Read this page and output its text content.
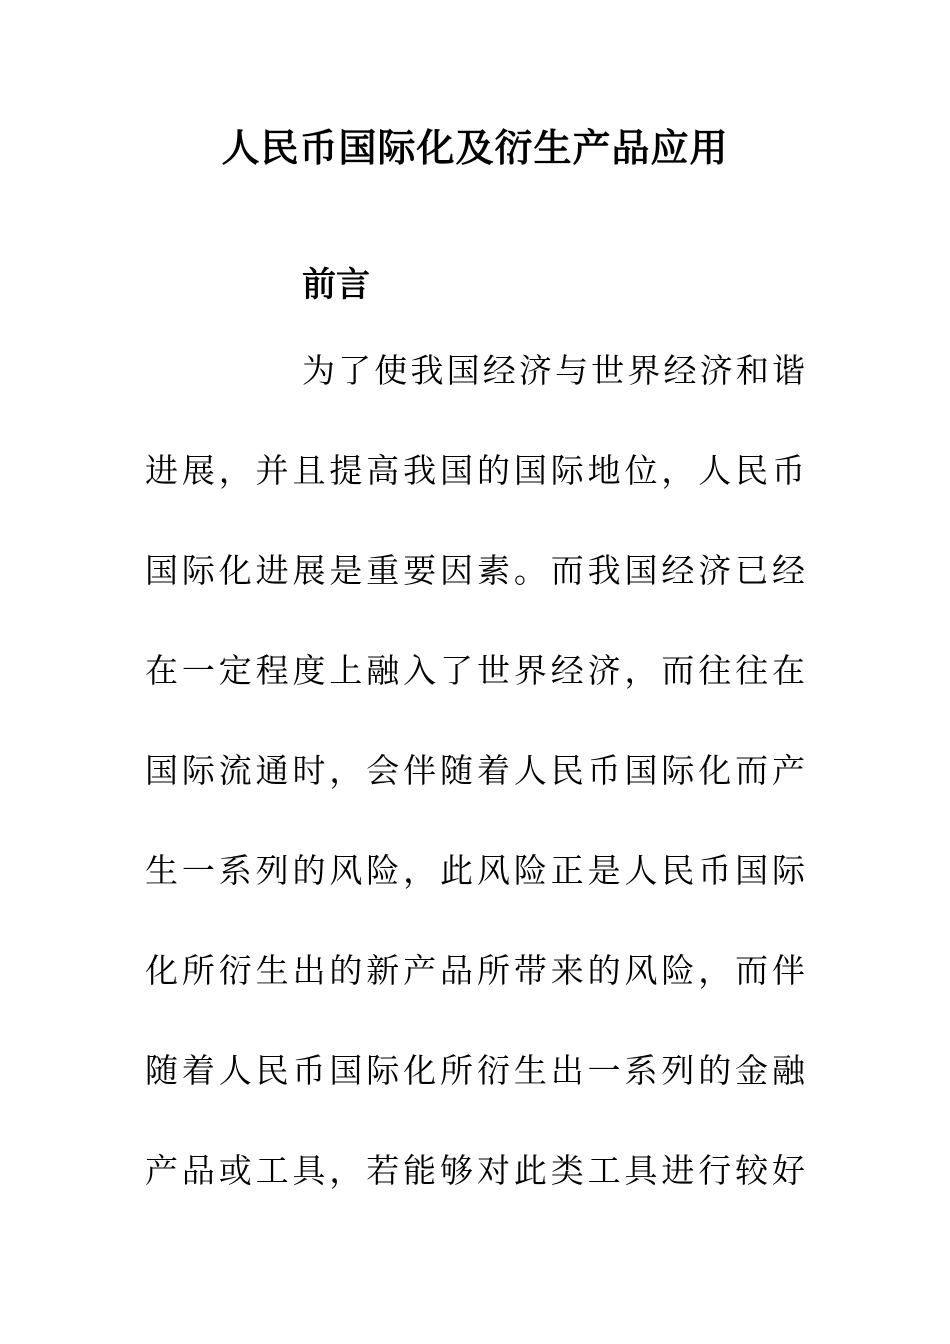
人民币国际化及衍生产品应用
前言

为了使我国经济与世界经济和谐

进展，并且提高我国的国际地位，人民币

国际化进展是重要因素。而我国经济已经

在一定程度上融入了世界经济，而往往在

国际流通时，会伴随着人民币国际化而产

生一系列的风险，此风险正是人民币国际

化所衍生出的新产品所带来的风险，而伴

随着人民币国际化所衍生出一系列的金融

产品或工具，若能够对此类工具进行较好
